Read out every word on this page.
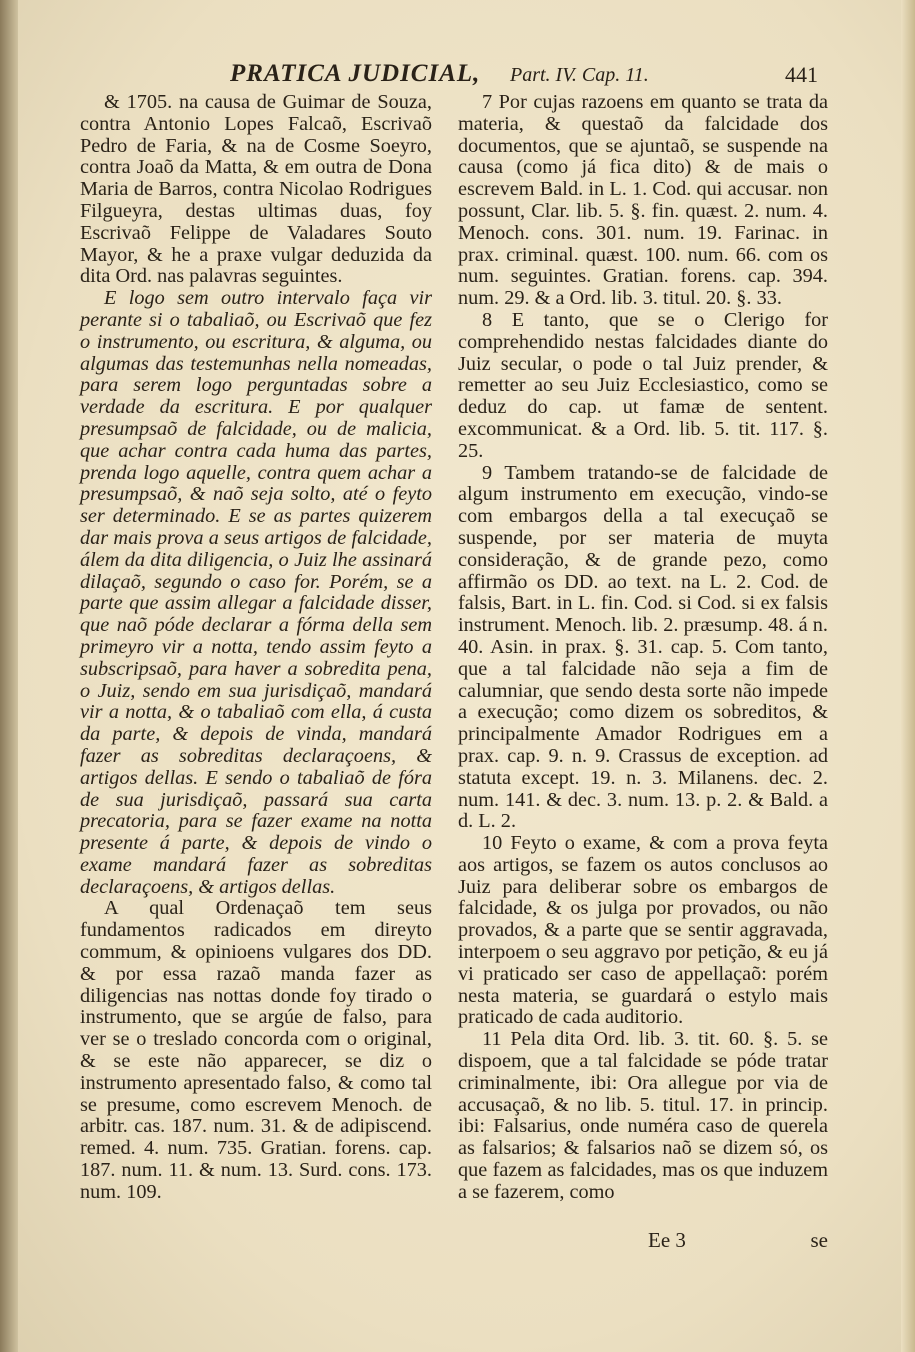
PRATICA JUDICIAL, Part. IV. Cap. 11.	441

& 1705. na causa de Guimar de Souza, contra Antonio Lopes Falcaõ, Escrivaõ Pedro de Faria, & na de Cosme Soeyro, contra Joaõ da Matta, & em outra de Dona Maria de Barros, contra Nicolao Rodrigues Filgueyra, destas ultimas duas, foy Escrivaõ Felippe de Valadares Souto Mayor, & he a praxe vulgar deduzida da dita Ord. nas palavras seguintes.

E logo sem outro intervalo faça vir perante si o tabaliaõ, ou Escrivaõ que fez o instrumento, ou escritura, & alguma, ou algumas das testemunhas nella nomeadas, para serem logo perguntadas sobre a verdade da escritura. E por qualquer presumpsaõ de falcidade, ou de malicia, que achar contra cada huma das partes, prenda logo aquelle, contra quem achar a presumpsaõ, & naõ seja solto, até o feyto ser determinado. E se as partes quizerem dar mais prova a seus artigos de falcidade, álem da dita diligencia, o Juiz lhe assinará dilaçaõ, segundo o caso for. Porém, se a parte que assim allegar a falcidade disser, que naõ póde declarar a fórma della sem primeyro vir a notta, tendo assim feyto a subscripsaõ, para haver a sobredita pena, o Juiz, sendo em sua jurisdiçaõ, mandará vir a notta, & o tabaliaõ com ella, á custa da parte, & depois de vinda, mandará fazer as sobreditas declaraçoens, & artigos dellas. E sendo o tabaliaõ de fóra de sua jurisdiçaõ, passará sua carta precatoria, para se fazer exame na notta presente á parte, & depois de vindo o exame mandará fazer as sobreditas declaraçoens, & artigos dellas.

A qual Ordenaçaõ tem seus fundamentos radicados em direyto commum, & opinioens vulgares dos DD. & por essa razaõ manda fazer as diligencias nas nottas donde foy tirado o instrumento, que se argúe de falso, para ver se o treslado concorda com o original, & se este não apparecer, se diz o instrumento apresentado falso, & como tal se presume, como escrevem Menoch. de arbitr. cas. 187. num. 31. & de adipiscend. remed. 4. num. 735. Gratian. forens. cap. 187. num. 11. & num. 13. Surd. cons. 173. num. 109.

7 Por cujas razoens em quanto se trata da materia, & questaõ da falcidade dos documentos, que se ajuntaõ, se suspende na causa (como já fica dito) & de mais o escrevem Bald. in L. 1. Cod. qui accusar. non possunt, Clar. lib. 5. §. fin. quæst. 2. num. 4. Menoch. cons. 301. num. 19. Farinac. in prax. criminal. quæst. 100. num. 66. com os num. seguintes. Gratian. forens. cap. 394. num. 29. & a Ord. lib. 3. titul. 20. §. 33.

8 E tanto, que se o Clerigo for comprehendido nestas falcidades diante do Juiz secular, o pode o tal Juiz prender, & remetter ao seu Juiz Ecclesiastico, como se deduz do cap. ut famæ de sentent. excommunicat. & a Ord. lib. 5. tit. 117. §. 25.

9 Tambem tratando-se de falcidade de algum instrumento em execução, vindo-se com embargos della a tal execuçaõ se suspende, por ser materia de muyta consideração, & de grande pezo, como affirmão os DD. ao text. na L. 2. Cod. de falsis, Bart. in L. fin. Cod. si Cod. si ex falsis instrument. Menoch. lib. 2. præsump. 48. á n. 40. Asin. in prax. §. 31. cap. 5. Com tanto, que a tal falcidade não seja a fim de calumniar, que sendo desta sorte não impede a execução; como dizem os sobreditos, & principalmente Amador Rodrigues em a prax. cap. 9. n. 9. Crassus de exception. ad statuta except. 19. n. 3. Milanens. dec. 2. num. 141. & dec. 3. num. 13. p. 2. & Bald. a d. L. 2.

10 Feyto o exame, & com a prova feyta aos artigos, se fazem os autos conclusos ao Juiz para deliberar sobre os embargos de falcidade, & os julga por provados, ou não provados, & a parte que se sentir aggravada, interpoem o seu aggravo por petição, & eu já vi praticado ser caso de appellaçaõ: porém nesta materia, se guardará o estylo mais praticado de cada auditorio.

11 Pela dita Ord. lib. 3. tit. 60. §. 5. se dispoem, que a tal falcidade se póde tratar criminalmente, ibi: Ora allegue por via de accusaçaõ, & no lib. 5. titul. 17. in princip. ibi: Falsarius, onde numéra caso de querela as falsarios; & falsarios naõ se dizem só, os que fazem as falcidades, mas os que induzem a se fazerem, como

Ee 3	se
